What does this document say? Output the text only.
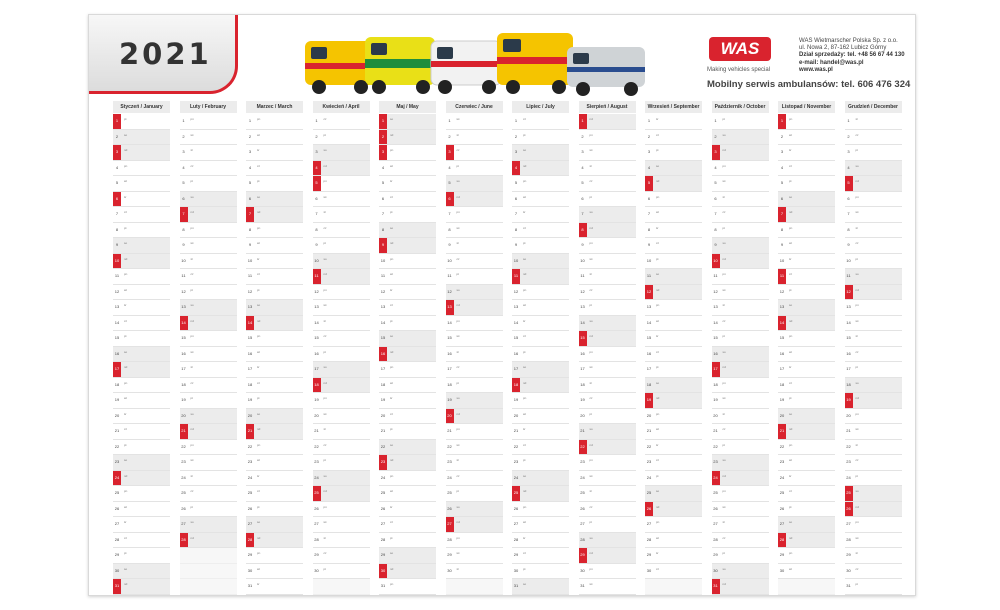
2021	WAS
Making vehicles special
WAS Wietmarscher Polska Sp. z o.o.
ul. Nowa 2, 87-162 Lubicz Górny
Dział sprzedaży: tel. +48 56 67 44 130
e-mail: handel@was.pl
www.was.pl
Mobilny serwis ambulansów: tel. 606 476 324
Styczeń / January
1	pt
2	so
3	nd
4	pn
5	wt
6	śr
7	cz
8	pt
9	so
10	nd
11	pn
12	wt
13	śr
14	cz
15	pt
16	so
17	nd
18	pn
19	wt
20	śr
21	cz
22	pt
23	so
24	nd
25	pn
26	wt
27	śr
28	cz
29	pt
30	so
31	nd
Luty / February
1	pn
2	wt
3	śr
4	cz
5	pt
6	so
7	nd
8	pn
9	wt
10	śr
11	cz
12	pt
13	so
14	nd
15	pn
16	wt
17	śr
18	cz
19	pt
20	so
21	nd
22	pn
23	wt
24	śr
25	cz
26	pt
27	so
28	nd
Marzec / March
1	pn
2	wt
3	śr
4	cz
5	pt
6	so
7	nd
8	pn
9	wt
10	śr
11	cz
12	pt
13	so
14	nd
15	pn
16	wt
17	śr
18	cz
19	pt
20	so
21	nd
22	pn
23	wt
24	śr
25	cz
26	pt
27	so
28	nd
29	pn
30	wt
31	śr
Kwiecień / April
1	cz
2	pt
3	so
4	nd
5	pn
6	wt
7	śr
8	cz
9	pt
10	so
11	nd
12	pn
13	wt
14	śr
15	cz
16	pt
17	so
18	nd
19	pn
20	wt
21	śr
22	cz
23	pt
24	so
25	nd
26	pn
27	wt
28	śr
29	cz
30	pt
Maj / May
1	so
2	nd
3	pn
4	wt
5	śr
6	cz
7	pt
8	so
9	nd
10	pn
11	wt
12	śr
13	cz
14	pt
15	so
16	nd
17	pn
18	wt
19	śr
20	cz
21	pt
22	so
23	nd
24	pn
25	wt
26	śr
27	cz
28	pt
29	so
30	nd
31	pn
Czerwiec / June
1	wt
2	śr
3	cz
4	pt
5	so
6	nd
7	pn
8	wt
9	śr
10	cz
11	pt
12	so
13	nd
14	pn
15	wt
16	śr
17	cz
18	pt
19	so
20	nd
21	pn
22	wt
23	śr
24	cz
25	pt
26	so
27	nd
28	pn
29	wt
30	śr
Lipiec / July
1	cz
2	pt
3	so
4	nd
5	pn
6	wt
7	śr
8	cz
9	pt
10	so
11	nd
12	pn
13	wt
14	śr
15	cz
16	pt
17	so
18	nd
19	pn
20	wt
21	śr
22	cz
23	pt
24	so
25	nd
26	pn
27	wt
28	śr
29	cz
30	pt
31	so
Sierpień / August
1	nd
2	pn
3	wt
4	śr
5	cz
6	pt
7	so
8	nd
9	pn
10	wt
11	śr
12	cz
13	pt
14	so
15	nd
16	pn
17	wt
18	śr
19	cz
20	pt
21	so
22	nd
23	pn
24	wt
25	śr
26	cz
27	pt
28	so
29	nd
30	pn
31	wt
Wrzesień / September
1	śr
2	cz
3	pt
4	so
5	nd
6	pn
7	wt
8	śr
9	cz
10	pt
11	so
12	nd
13	pn
14	wt
15	śr
16	cz
17	pt
18	so
19	nd
20	pn
21	wt
22	śr
23	cz
24	pt
25	so
26	nd
27	pn
28	wt
29	śr
30	cz
Październik / October
1	pt
2	so
3	nd
4	pn
5	wt
6	śr
7	cz
8	pt
9	so
10	nd
11	pn
12	wt
13	śr
14	cz
15	pt
16	so
17	nd
18	pn
19	wt
20	śr
21	cz
22	pt
23	so
24	nd
25	pn
26	wt
27	śr
28	cz
29	pt
30	so
31	nd
Listopad / November
1	pn
2	wt
3	śr
4	cz
5	pt
6	so
7	nd
8	pn
9	wt
10	śr
11	cz
12	pt
13	so
14	nd
15	pn
16	wt
17	śr
18	cz
19	pt
20	so
21	nd
22	pn
23	wt
24	śr
25	cz
26	pt
27	so
28	nd
29	pn
30	wt
Grudzień / December
1	śr
2	cz
3	pt
4	so
5	nd
6	pn
7	wt
8	śr
9	cz
10	pt
11	so
12	nd
13	pn
14	wt
15	śr
16	cz
17	pt
18	so
19	nd
20	pn
21	wt
22	śr
23	cz
24	pt
25	so
26	nd
27	pn
28	wt
29	śr
30	cz
31	pt
